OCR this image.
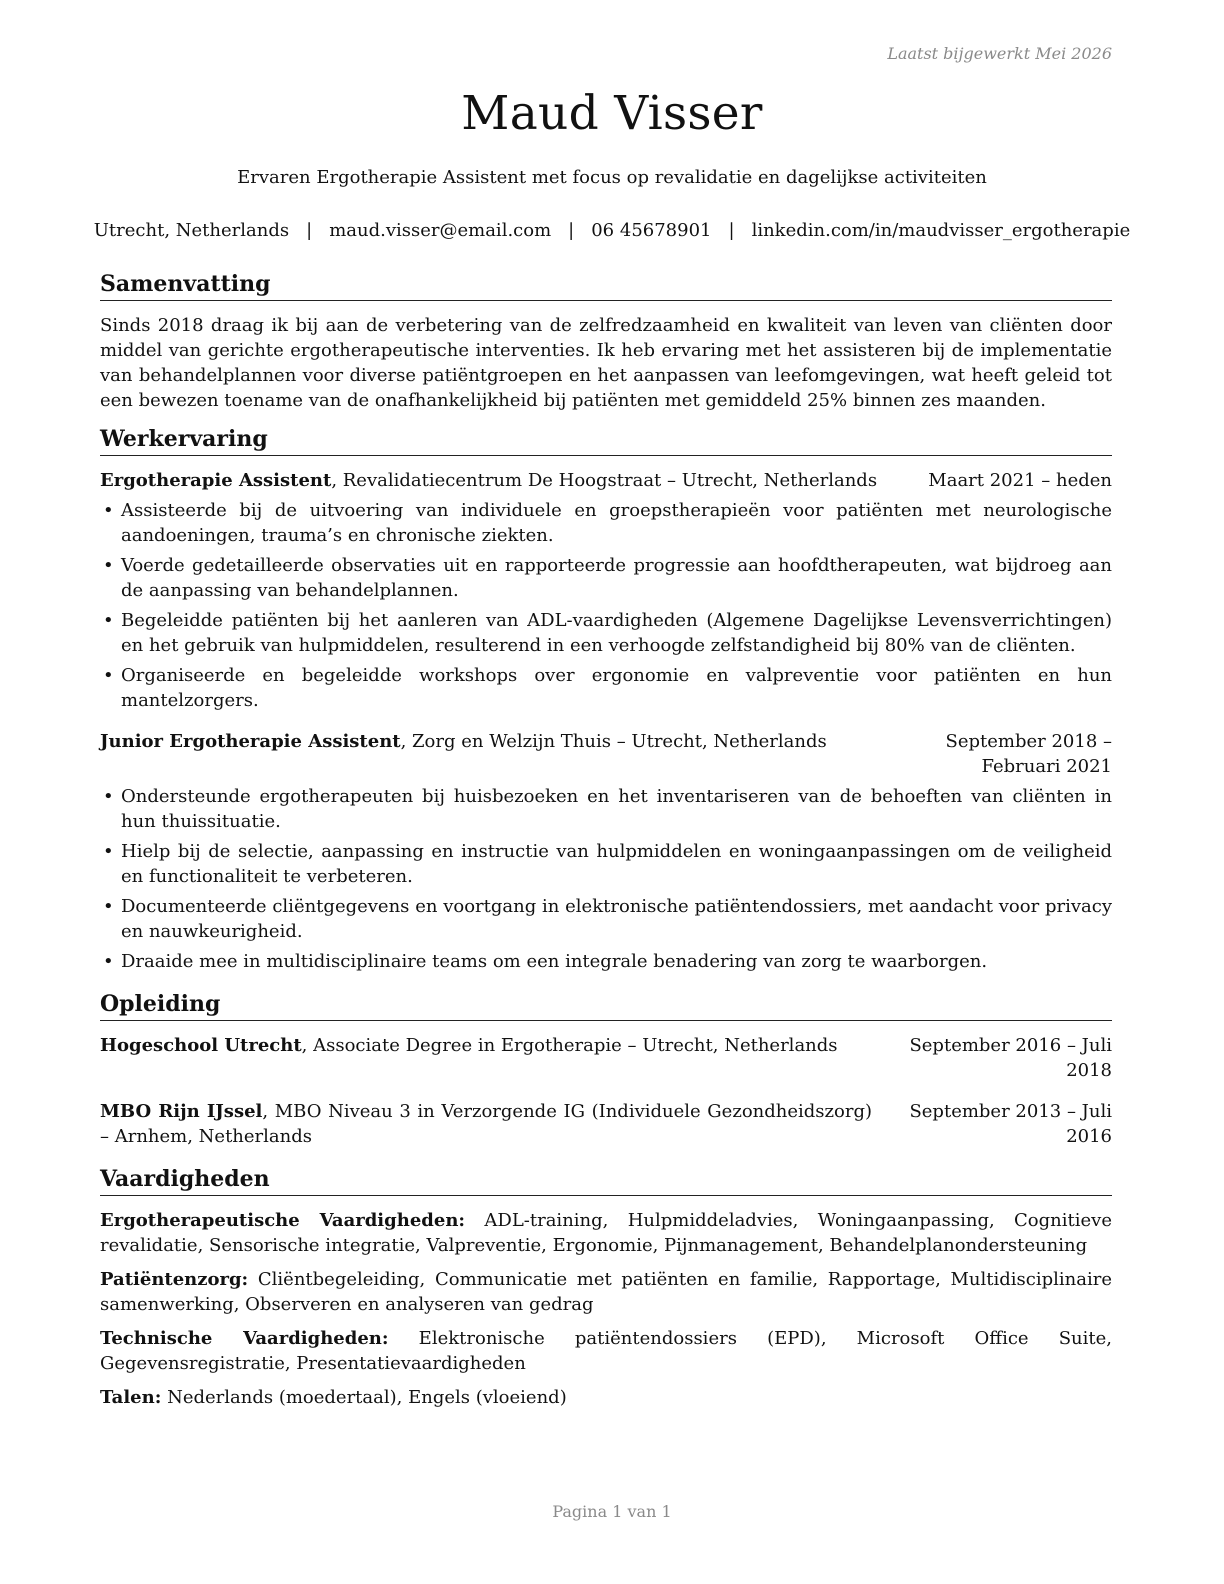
Laatst bijgewerkt Mei 2026
Maud Visser
Ervaren Ergotherapie Assistent met focus op revalidatie en dagelijkse activiteiten
Utrecht, Netherlands | maud.visser@email.com | 06 45678901 | linkedin.com/in/maudvisser_ergotherapie
Samenvatting

Sinds 2018 draag ik bij aan de verbetering van de zelfredzaamheid en kwaliteit van leven van cliënten door middel van gerichte ergotherapeutische interventies. Ik heb ervaring met het assisteren bij de implementatie van behandelplannen voor diverse patiëntgroepen en het aanpassen van leefomgevingen, wat heeft geleid tot een bewezen toename van de onafhankelijkheid bij patiënten met gemiddeld 25% binnen zes maanden.

Werkervaring
Ergotherapie Assistent, Revalidatiecentrum De Hoogstraat – Utrecht, Netherlands	Maart 2021 – heden
• Assisteerde bij de uitvoering van individuele en groepstherapieën voor patiënten met neurologische aandoeningen, trauma’s en chronische ziekten.
• Voerde gedetailleerde observaties uit en rapporteerde progressie aan hoofdtherapeuten, wat bijdroeg aan de aanpassing van behandelplannen.
• Begeleidde patiënten bij het aanleren van ADL-vaardigheden (Algemene Dagelijkse Levensverrichtingen) en het gebruik van hulpmiddelen, resulterend in een verhoogde zelfstandigheid bij 80% van de cliënten.
• Organiseerde en begeleidde workshops over ergonomie en valpreventie voor patiënten en hun mantelzorgers.
Junior Ergotherapie Assistent, Zorg en Welzijn Thuis – Utrecht, Netherlands	September 2018 – Februari 2021
• Ondersteunde ergotherapeuten bij huisbezoeken en het inventariseren van de behoeften van cliënten in hun thuissituatie.
• Hielp bij de selectie, aanpassing en instructie van hulpmiddelen en woningaanpassingen om de veiligheid en functionaliteit te verbeteren.
• Documenteerde cliëntgegevens en voortgang in elektronische patiëntendossiers, met aandacht voor privacy en nauwkeurigheid.
• Draaide mee in multidisciplinaire teams om een integrale benadering van zorg te waarborgen.
Opleiding
Hogeschool Utrecht, Associate Degree in Ergotherapie – Utrecht, Netherlands	September 2016 – Juli 2018
MBO Rijn IJssel, MBO Niveau 3 in Verzorgende IG (Individuele Gezondheidszorg) – Arnhem, Netherlands
September 2013 – Juli 2016
Vaardigheden

Ergotherapeutische Vaardigheden: ADL-training, Hulpmiddeladvies, Woningaanpassing, Cognitieve revalidatie, Sensorische integratie, Valpreventie, Ergonomie, Pijnmanagement, Behandelplanondersteuning

Patiëntenzorg: Cliëntbegeleiding, Communicatie met patiënten en familie, Rapportage, Multidisciplinaire samenwerking, Observeren en analyseren van gedrag

Technische Vaardigheden: Elektronische patiëntendossiers (EPD), Microsoft Office Suite, Gegevensregistratie, Presentatievaardigheden

Talen: Nederlands (moedertaal), Engels (vloeiend)

Pagina 1 van 1
